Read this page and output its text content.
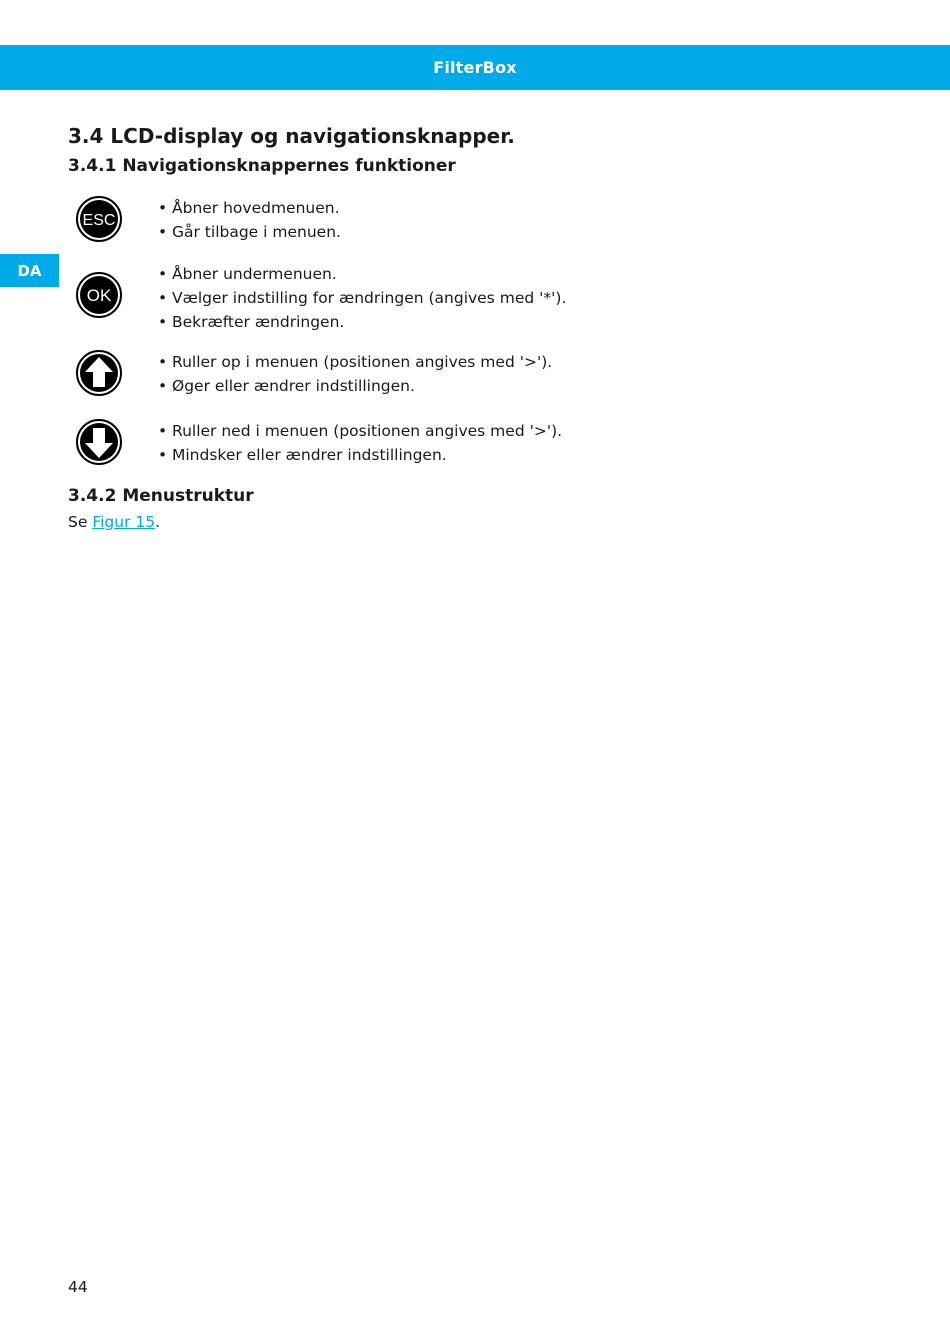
FilterBox
DA
3.4 LCD-display og navigationsknapper.
3.4.1 Navigationsknappernes funktioner
ESC
• Åbner hovedmenuen.
• Går tilbage i menuen.
OK
• Åbner undermenuen.
• Vælger indstilling for ændringen (angives med '*').
• Bekræfter ændringen.
• Ruller op i menuen (positionen angives med '>').
• Øger eller ændrer indstillingen.
• Ruller ned i menuen (positionen angives med '>').
• Mindsker eller ændrer indstillingen.
3.4.2 Menustruktur

Se Figur 15.

44
